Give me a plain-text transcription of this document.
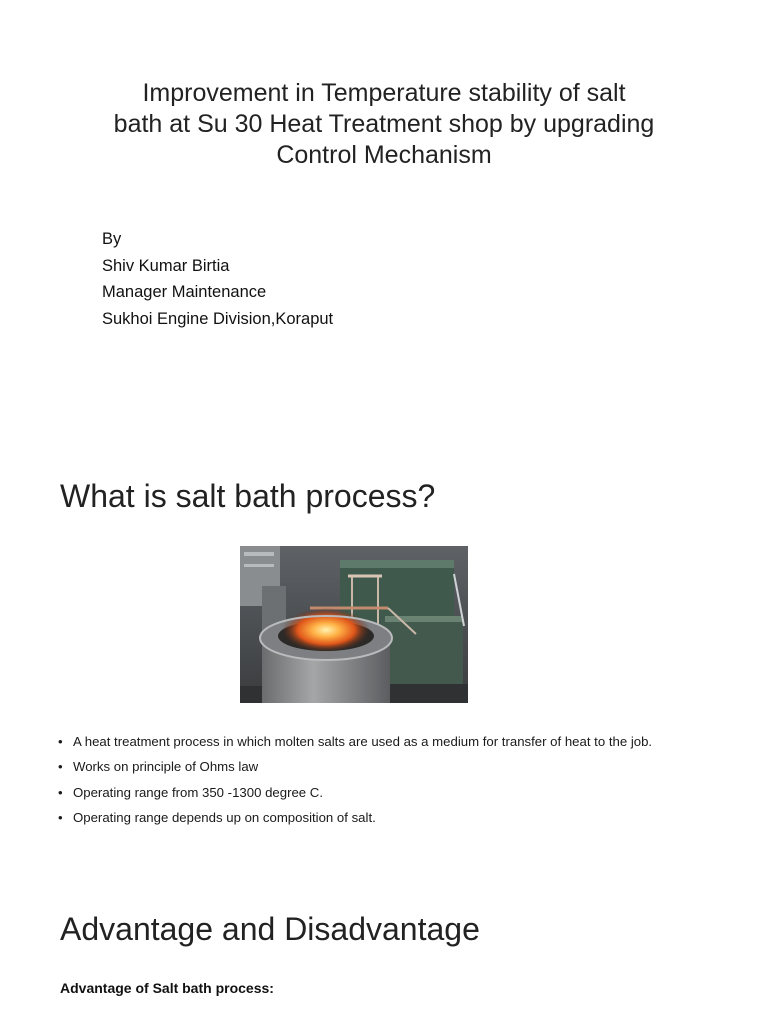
Improvement in Temperature stability of salt
bath at Su 30 Heat Treatment shop by upgrading
Control Mechanism
By
Shiv Kumar Birtia
Manager Maintenance
Sukhoi Engine Division,Koraput
What is salt bath process?
• A heat treatment process in which molten salts are used as a medium for transfer of heat to the job.
• Works on principle of Ohms law
• Operating range from 350 -1300 degree C.
• Operating range depends up on composition of salt.
Advantage and Disadvantage
Advantage of Salt bath process:
